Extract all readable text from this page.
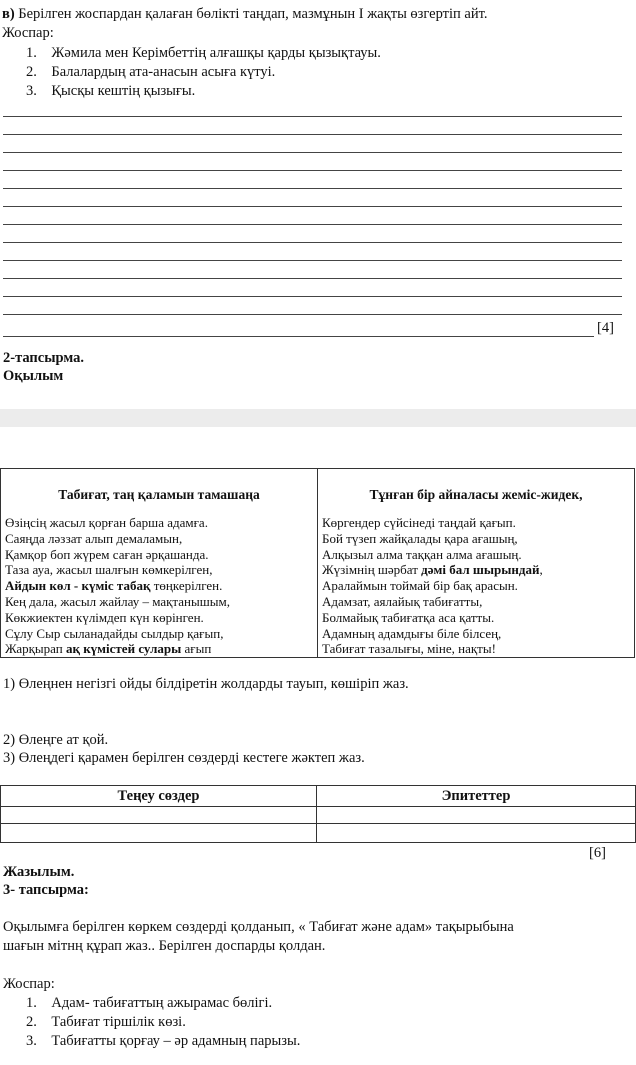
в) Берілген жоспардан қалаған бөлікті таңдап, мазмұнын І жақты өзгертіп айт.
Жоспар:
1. Жәмила мен Керімбеттің алғашқы қарды қызықтауы.
2. Балалардың ата-анасын асыға күтуі.
3. Қысқы кештің қызығы.
[4]
2-тапсырма.
Оқылым
Табиғат, таң қаламын тамашаңа
Өзіңсің жасыл қорған барша адамға.
Саяңда ләззат алып демаламын,
Қамқор боп жүрем саған әрқашанда.
Таза ауа, жасыл шалғын көмкерілген,
Айдын көл - күміс табақ төңкерілген.
Кең дала, жасыл жайлау – мақтанышым,
Көкжиектен күлімдеп күн көрінген.
Сұлу Сыр сыланадайды сылдыр қағып,
Жарқырап ақ күмістей сулары ағып
Тұнған бір айналасы жеміс-жидек,
Көргендер сүйсінеді таңдай қағып.
Бой түзеп жайқалады қара ағашың,
Алқызыл алма таққан алма ағашың.
Жүзімнің шәрбат дәмі бал шырындай,
Аралаймын тоймай бір бақ арасын.
Адамзат, аялайық табиғатты,
Болмайық табиғатқа аса қатты.
Адамның адамдығы біле білсең,
Табиғат тазалығы, міне, нақты!
1) Өлеңнен негізгі ойды білдіретін жолдарды тауып, көшіріп жаз.
2) Өлеңге ат қой.
3) Өлеңдегі қарамен берілген сөздерді кестеге жәктеп жаз.
Теңеу сөздер	Эпитеттер
[6]
Жазылым.
3- тапсырма:
Оқылымға берілген көркем сөздерді қолданып, « Табиғат және адам» тақырыбына
шағын мітнң құрап жаз.. Берілген доспарды қолдан.
Жоспар:
1. Адам- табиғаттың ажырамас бөлігі.
2. Табиғат тіршілік көзі.
3. Табиғатты қорғау – әр адамның парызы.
